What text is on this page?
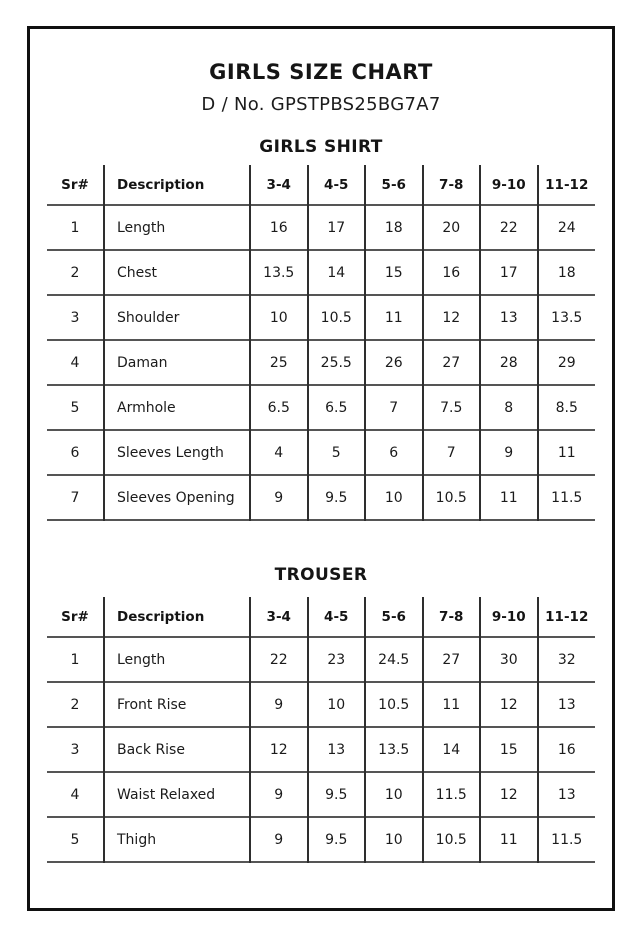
GIRLS SIZE CHART
D / No. GPSTPBS25BG7A7
GIRLS SHIRT
Sr#	Description	3-4	4-5	5-6	7-8	9-10	11-12
1	Length	16	17	18	20	22	24
2	Chest	13.5	14	15	16	17	18
3	Shoulder	10	10.5	11	12	13	13.5
4	Daman	25	25.5	26	27	28	29
5	Armhole	6.5	6.5	7	7.5	8	8.5
6	Sleeves Length	4	5	6	7	9	11
7	Sleeves Opening	9	9.5	10	10.5	11	11.5
TROUSER
Sr#	Description	3-4	4-5	5-6	7-8	9-10	11-12
1	Length	22	23	24.5	27	30	32
2	Front Rise	9	10	10.5	11	12	13
3	Back Rise	12	13	13.5	14	15	16
4	Waist Relaxed	9	9.5	10	11.5	12	13
5	Thigh	9	9.5	10	10.5	11	11.5
